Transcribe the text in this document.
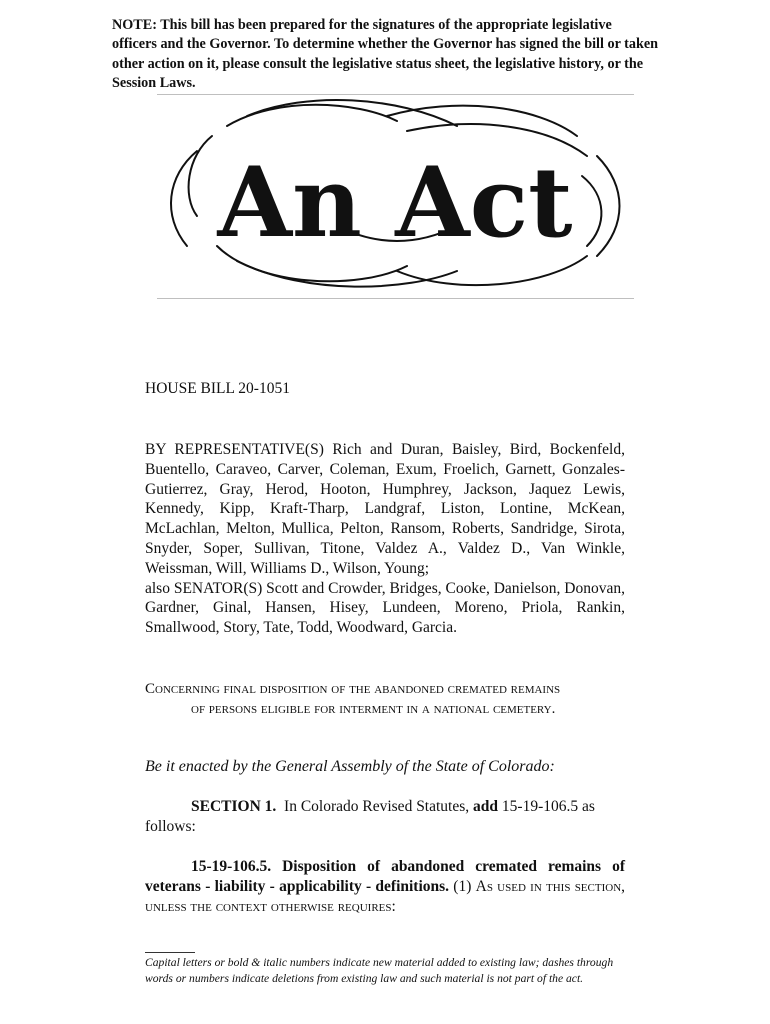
NOTE: This bill has been prepared for the signatures of the appropriate legislative officers and the Governor. To determine whether the Governor has signed the bill or taken other action on it, please consult the legislative status sheet, the legislative history, or the Session Laws.
An Act
HOUSE BILL 20-1051
BY REPRESENTATIVE(S) Rich and Duran, Baisley, Bird, Bockenfeld, Buentello, Caraveo, Carver, Coleman, Exum, Froelich, Garnett, Gonzales-Gutierrez, Gray, Herod, Hooton, Humphrey, Jackson, Jaquez Lewis, Kennedy, Kipp, Kraft-Tharp, Landgraf, Liston, Lontine, McKean, McLachlan, Melton, Mullica, Pelton, Ransom, Roberts, Sandridge, Sirota, Snyder, Soper, Sullivan, Titone, Valdez A., Valdez D., Van Winkle, Weissman, Will, Williams D., Wilson, Young;
also SENATOR(S) Scott and Crowder, Bridges, Cooke, Danielson, Donovan, Gardner, Ginal, Hansen, Hisey, Lundeen, Moreno, Priola, Rankin, Smallwood, Story, Tate, Todd, Woodward, Garcia.
Concerning final disposition of the abandoned cremated remains
of persons eligible for interment in a national cemetery.
Be it enacted by the General Assembly of the State of Colorado:
SECTION 1. In Colorado Revised Statutes, add 15-19-106.5 as follows:
15-19-106.5. Disposition of abandoned cremated remains of veterans - liability - applicability - definitions. (1) As used in this section, unless the context otherwise requires:
Capital letters or bold & italic numbers indicate new material added to existing law; dashes through words or numbers indicate deletions from existing law and such material is not part of the act.
